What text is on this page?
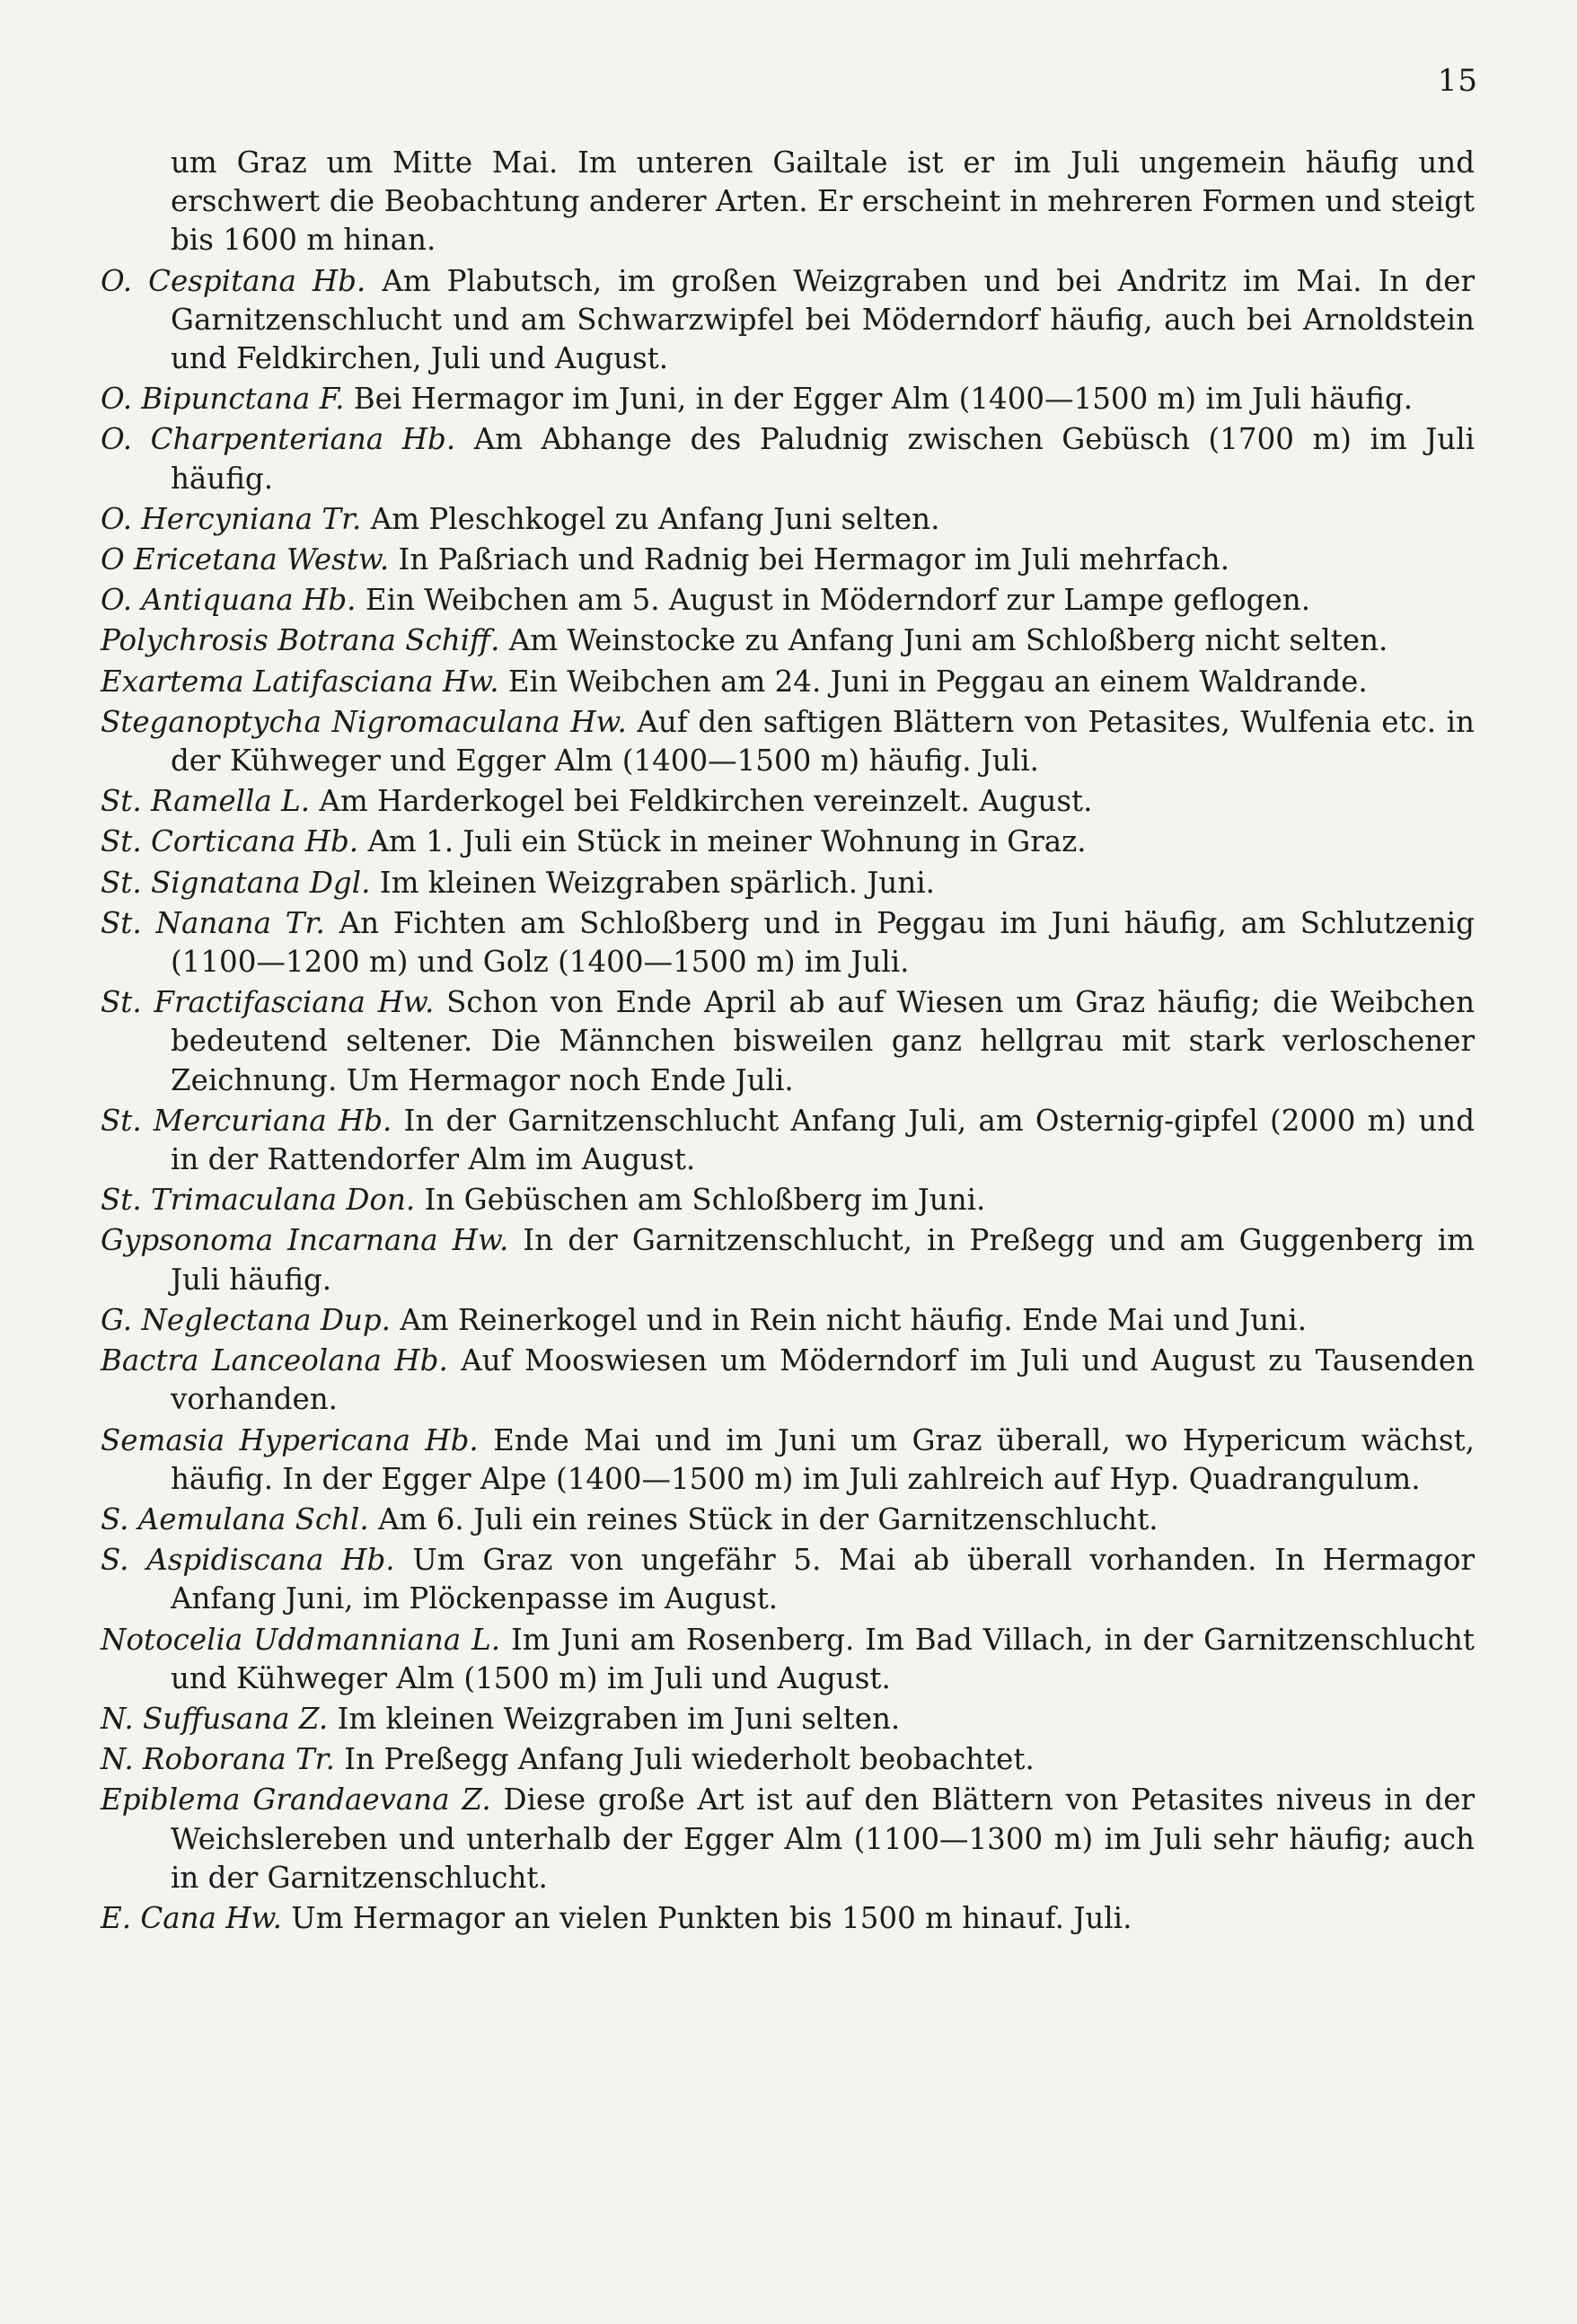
15

um Graz um Mitte Mai. Im unteren Gailtale ist er im Juli ungemein häufig und erschwert die Beobachtung anderer Arten. Er erscheint in mehreren Formen und steigt bis 1600 m hinan.

O. Cespitana Hb. Am Plabutsch, im großen Weizgraben und bei Andritz im Mai. In der Garnitzenschlucht und am Schwarzwipfel bei Möderndorf häufig, auch bei Arnoldstein und Feldkirchen, Juli und August.

O. Bipunctana F. Bei Hermagor im Juni, in der Egger Alm (1400—1500 m) im Juli häufig.

O. Charpenteriana Hb. Am Abhange des Paludnig zwischen Gebüsch (1700 m) im Juli häufig.

O. Hercyniana Tr. Am Pleschkogel zu Anfang Juni selten.

O Ericetana Westw. In Paßriach und Radnig bei Hermagor im Juli mehrfach.

O. Antiquana Hb. Ein Weibchen am 5. August in Möderndorf zur Lampe geflogen.

Polychrosis Botrana Schiff. Am Weinstocke zu Anfang Juni am Schloßberg nicht selten.

Exartema Latifasciana Hw. Ein Weibchen am 24. Juni in Peggau an einem Waldrande.

Steganoptycha Nigromaculana Hw. Auf den saftigen Blättern von Petasites, Wulfenia etc. in der Kühweger und Egger Alm (1400—1500 m) häufig. Juli.

St. Ramella L. Am Harderkogel bei Feldkirchen vereinzelt. August.

St. Corticana Hb. Am 1. Juli ein Stück in meiner Wohnung in Graz.

St. Signatana Dgl. Im kleinen Weizgraben spärlich. Juni.

St. Nanana Tr. An Fichten am Schloßberg und in Peggau im Juni häufig, am Schlutzenig (1100—1200 m) und Golz (1400—1500 m) im Juli.

St. Fractifasciana Hw. Schon von Ende April ab auf Wiesen um Graz häufig; die Weibchen bedeutend seltener. Die Männchen bisweilen ganz hellgrau mit stark verloschener Zeichnung. Um Hermagor noch Ende Juli.

St. Mercuriana Hb. In der Garnitzenschlucht Anfang Juli, am Osternig-gipfel (2000 m) und in der Rattendorfer Alm im August.

St. Trimaculana Don. In Gebüschen am Schloßberg im Juni.

Gypsonoma Incarnana Hw. In der Garnitzenschlucht, in Preßegg und am Guggenberg im Juli häufig.

G. Neglectana Dup. Am Reinerkogel und in Rein nicht häufig. Ende Mai und Juni.

Bactra Lanceolana Hb. Auf Mooswiesen um Möderndorf im Juli und August zu Tausenden vorhanden.

Semasia Hypericana Hb. Ende Mai und im Juni um Graz überall, wo Hypericum wächst, häufig. In der Egger Alpe (1400—1500 m) im Juli zahlreich auf Hyp. Quadrangulum.

S. Aemulana Schl. Am 6. Juli ein reines Stück in der Garnitzenschlucht.

S. Aspidiscana Hb. Um Graz von ungefähr 5. Mai ab überall vorhanden. In Hermagor Anfang Juni, im Plöckenpasse im August.

Notocelia Uddmanniana L. Im Juni am Rosenberg. Im Bad Villach, in der Garnitzenschlucht und Kühweger Alm (1500 m) im Juli und August.

N. Suffusana Z. Im kleinen Weizgraben im Juni selten.

N. Roborana Tr. In Preßegg Anfang Juli wiederholt beobachtet.

Epiblema Grandaevana Z. Diese große Art ist auf den Blättern von Petasites niveus in der Weichslereben und unterhalb der Egger Alm (1100—1300 m) im Juli sehr häufig; auch in der Garnitzenschlucht.

E. Cana Hw. Um Hermagor an vielen Punkten bis 1500 m hinauf. Juli.
